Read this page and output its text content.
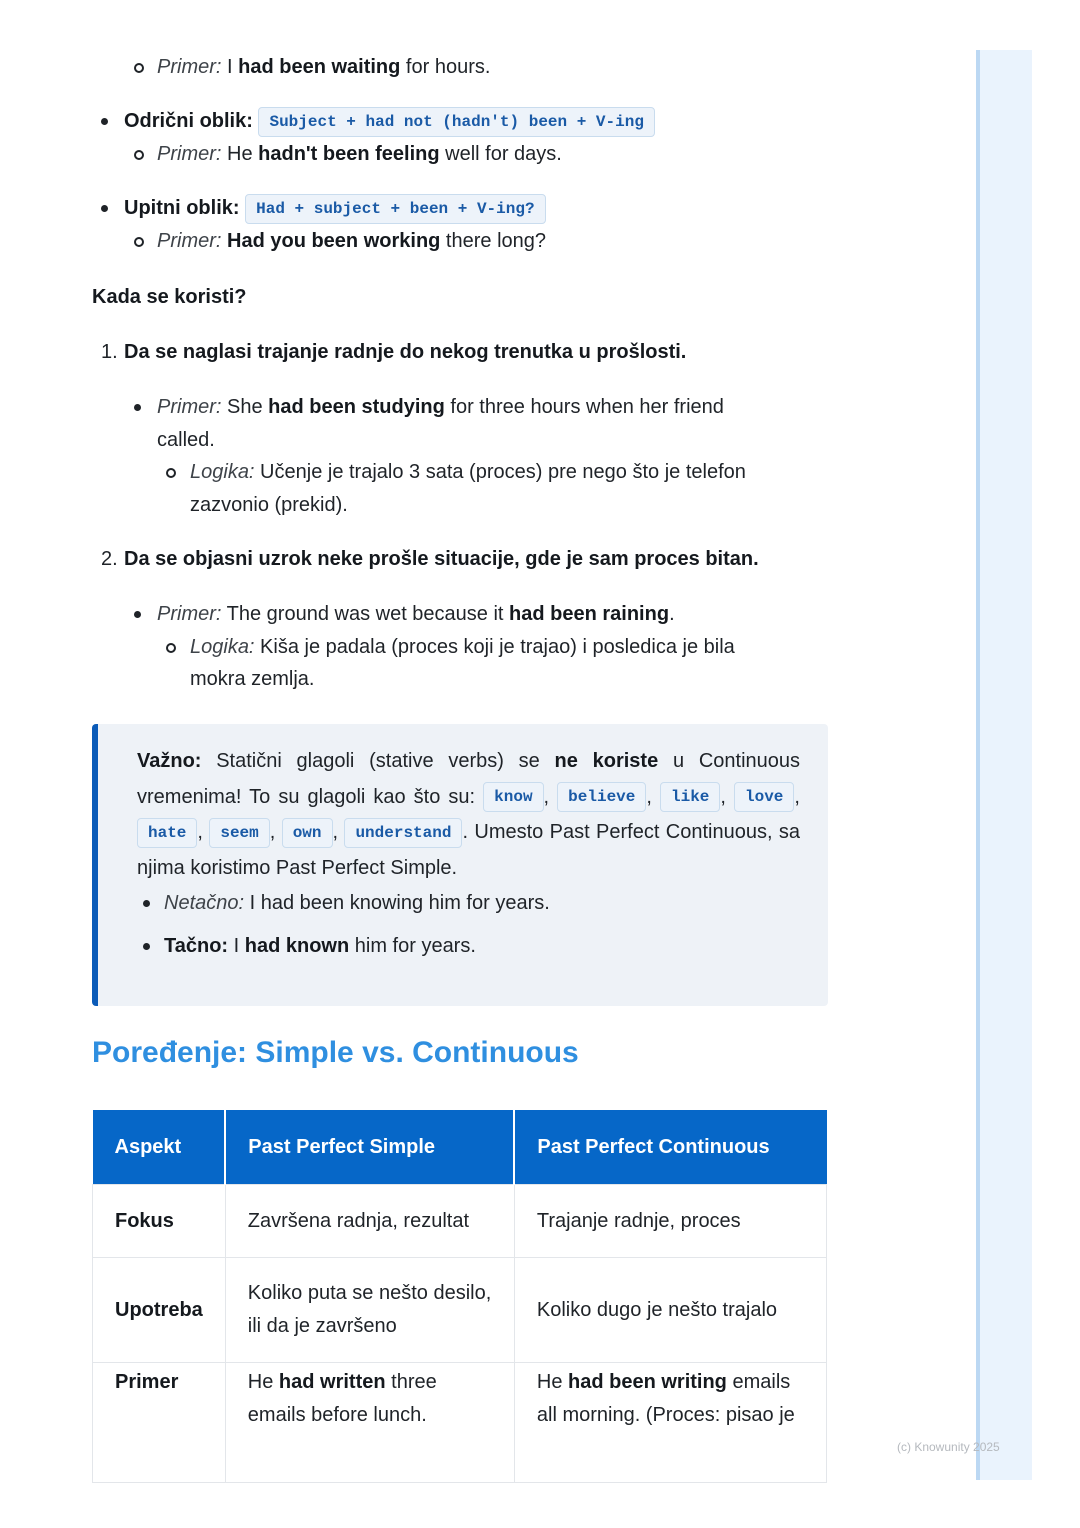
(c) Knowunity 2025
Primer: I had been waiting for hours.
Odrični oblik: Subject + had not (hadn't) been + V-ing
Primer: He hadn't been feeling well for days.
Upitni oblik: Had + subject + been + V-ing?
Primer: Had you been working there long?
Kada se koristi?
1. Da se naglasi trajanje radnje do nekog trenutka u prošlosti.
Primer: She had been studying for three hours when her friend
called.
Logika: Učenje je trajalo 3 sata (proces) pre nego što je telefon
zazvonio (prekid).
2. Da se objasni uzrok neke prošle situacije, gde je sam proces bitan.
Primer: The ground was wet because it had been raining.
Logika: Kiša je padala (proces koji je trajao) i posledica je bila
mokra zemlja.
Važno: Statični glagoli (stative verbs) se ne koriste u Continuous vremenima! To su glagoli kao što su: know , believe , like , love , hate , seem , own , understand . Umesto Past Perfect Continuous, sa njima koristimo Past Perfect Simple.
Netačno: I had been knowing him for years.
Tačno: I had known him for years.
Poređenje: Simple vs. Continuous
Aspekt	Past Perfect Simple	Past Perfect Continuous
Fokus	Završena radnja, rezultat	Trajanje radnje, proces
Upotreba	Koliko puta se nešto desilo, ili da je završeno	Koliko dugo je nešto trajalo
Primer	He had written three emails before lunch.	He had been writing emails all morning. (Proces: pisao je
